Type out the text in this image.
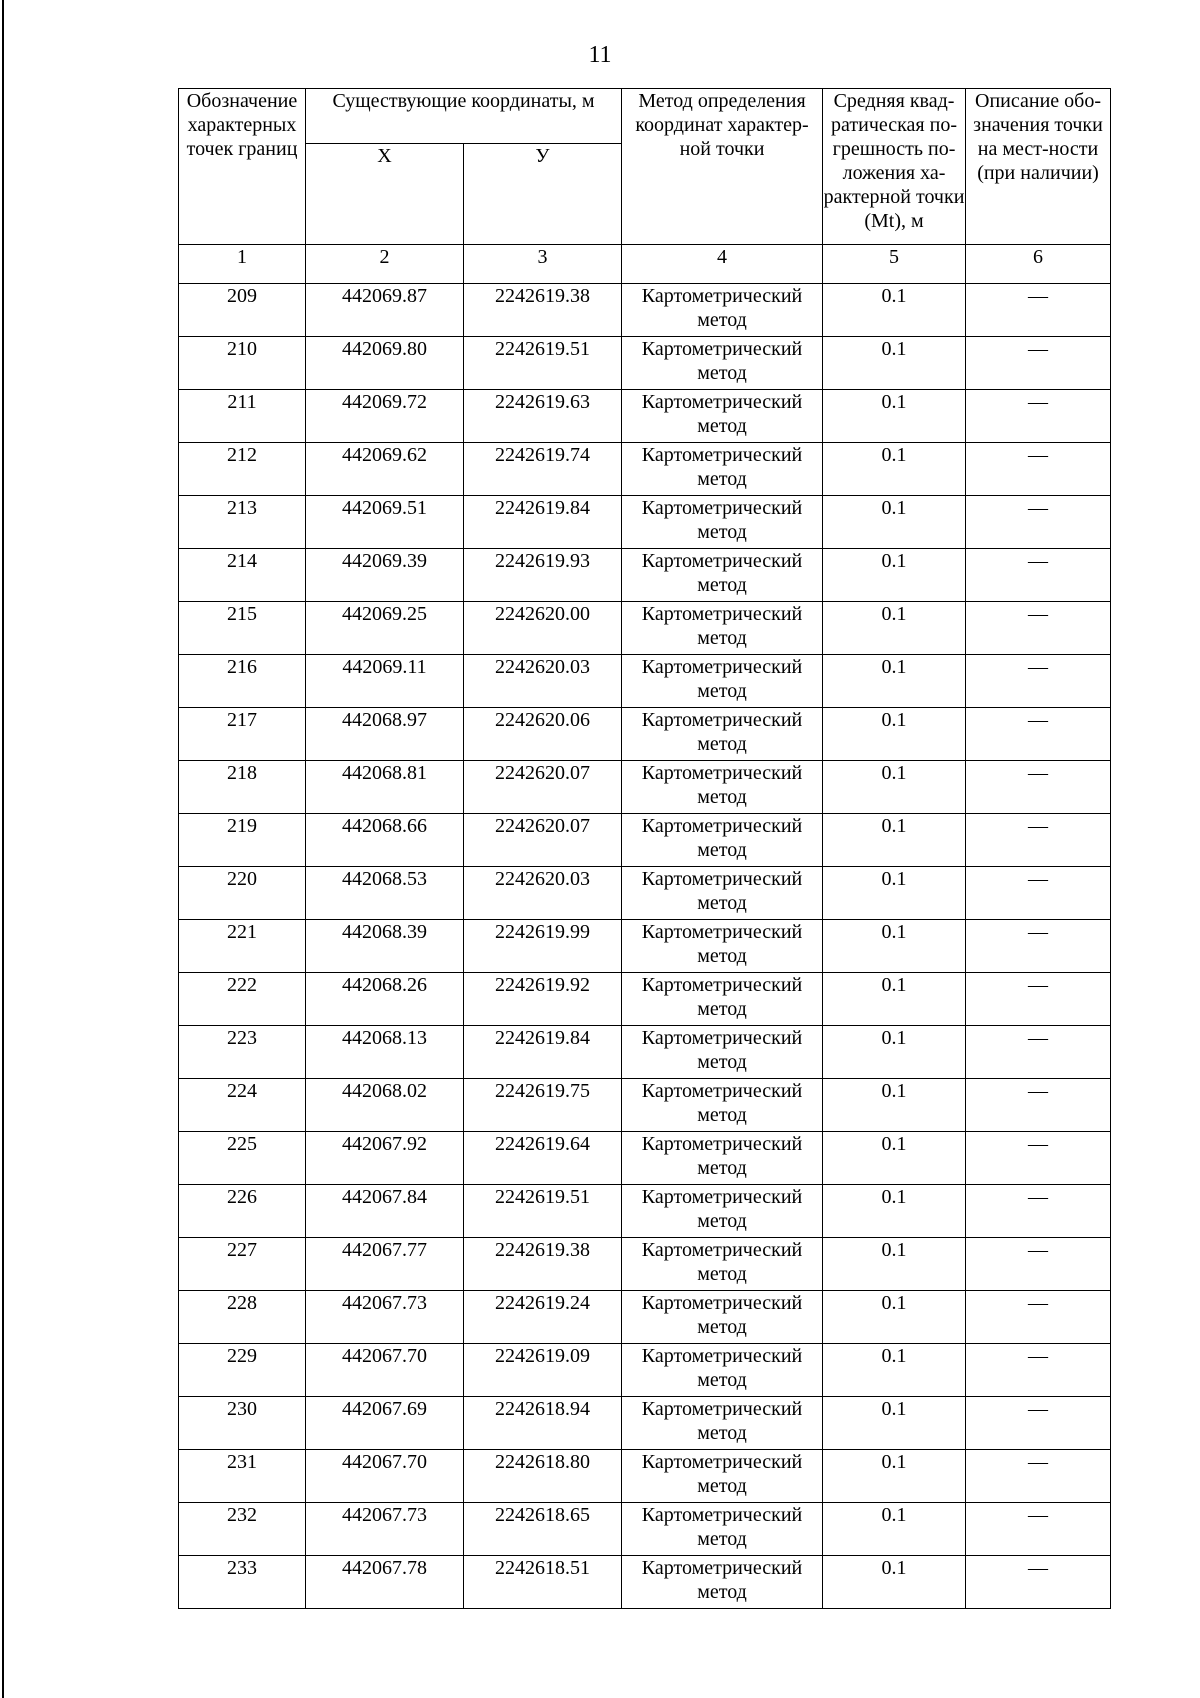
11
Обозначение характерных точек границ	Существующие координаты, м		Метод определения координат характер-ной точки	Средняя квад-ратическая по-грешность по-ложения ха-рактерной точки (Mt), м	Описание обо-значения точки на мест-ности (при наличии)
	X	У			
1	2	3	4	5	6
209	442069.87	2242619.38	Картометрический метод	0.1	—
210	442069.80	2242619.51	Картометрический метод	0.1	—
211	442069.72	2242619.63	Картометрический метод	0.1	—
212	442069.62	2242619.74	Картометрический метод	0.1	—
213	442069.51	2242619.84	Картометрический метод	0.1	—
214	442069.39	2242619.93	Картометрический метод	0.1	—
215	442069.25	2242620.00	Картометрический метод	0.1	—
216	442069.11	2242620.03	Картометрический метод	0.1	—
217	442068.97	2242620.06	Картометрический метод	0.1	—
218	442068.81	2242620.07	Картометрический метод	0.1	—
219	442068.66	2242620.07	Картометрический метод	0.1	—
220	442068.53	2242620.03	Картометрический метод	0.1	—
221	442068.39	2242619.99	Картометрический метод	0.1	—
222	442068.26	2242619.92	Картометрический метод	0.1	—
223	442068.13	2242619.84	Картометрический метод	0.1	—
224	442068.02	2242619.75	Картометрический метод	0.1	—
225	442067.92	2242619.64	Картометрический метод	0.1	—
226	442067.84	2242619.51	Картометрический метод	0.1	—
227	442067.77	2242619.38	Картометрический метод	0.1	—
228	442067.73	2242619.24	Картометрический метод	0.1	—
229	442067.70	2242619.09	Картометрический метод	0.1	—
230	442067.69	2242618.94	Картометрический метод	0.1	—
231	442067.70	2242618.80	Картометрический метод	0.1	—
232	442067.73	2242618.65	Картометрический метод	0.1	—
233	442067.78	2242618.51	Картометрический метод	0.1	—
